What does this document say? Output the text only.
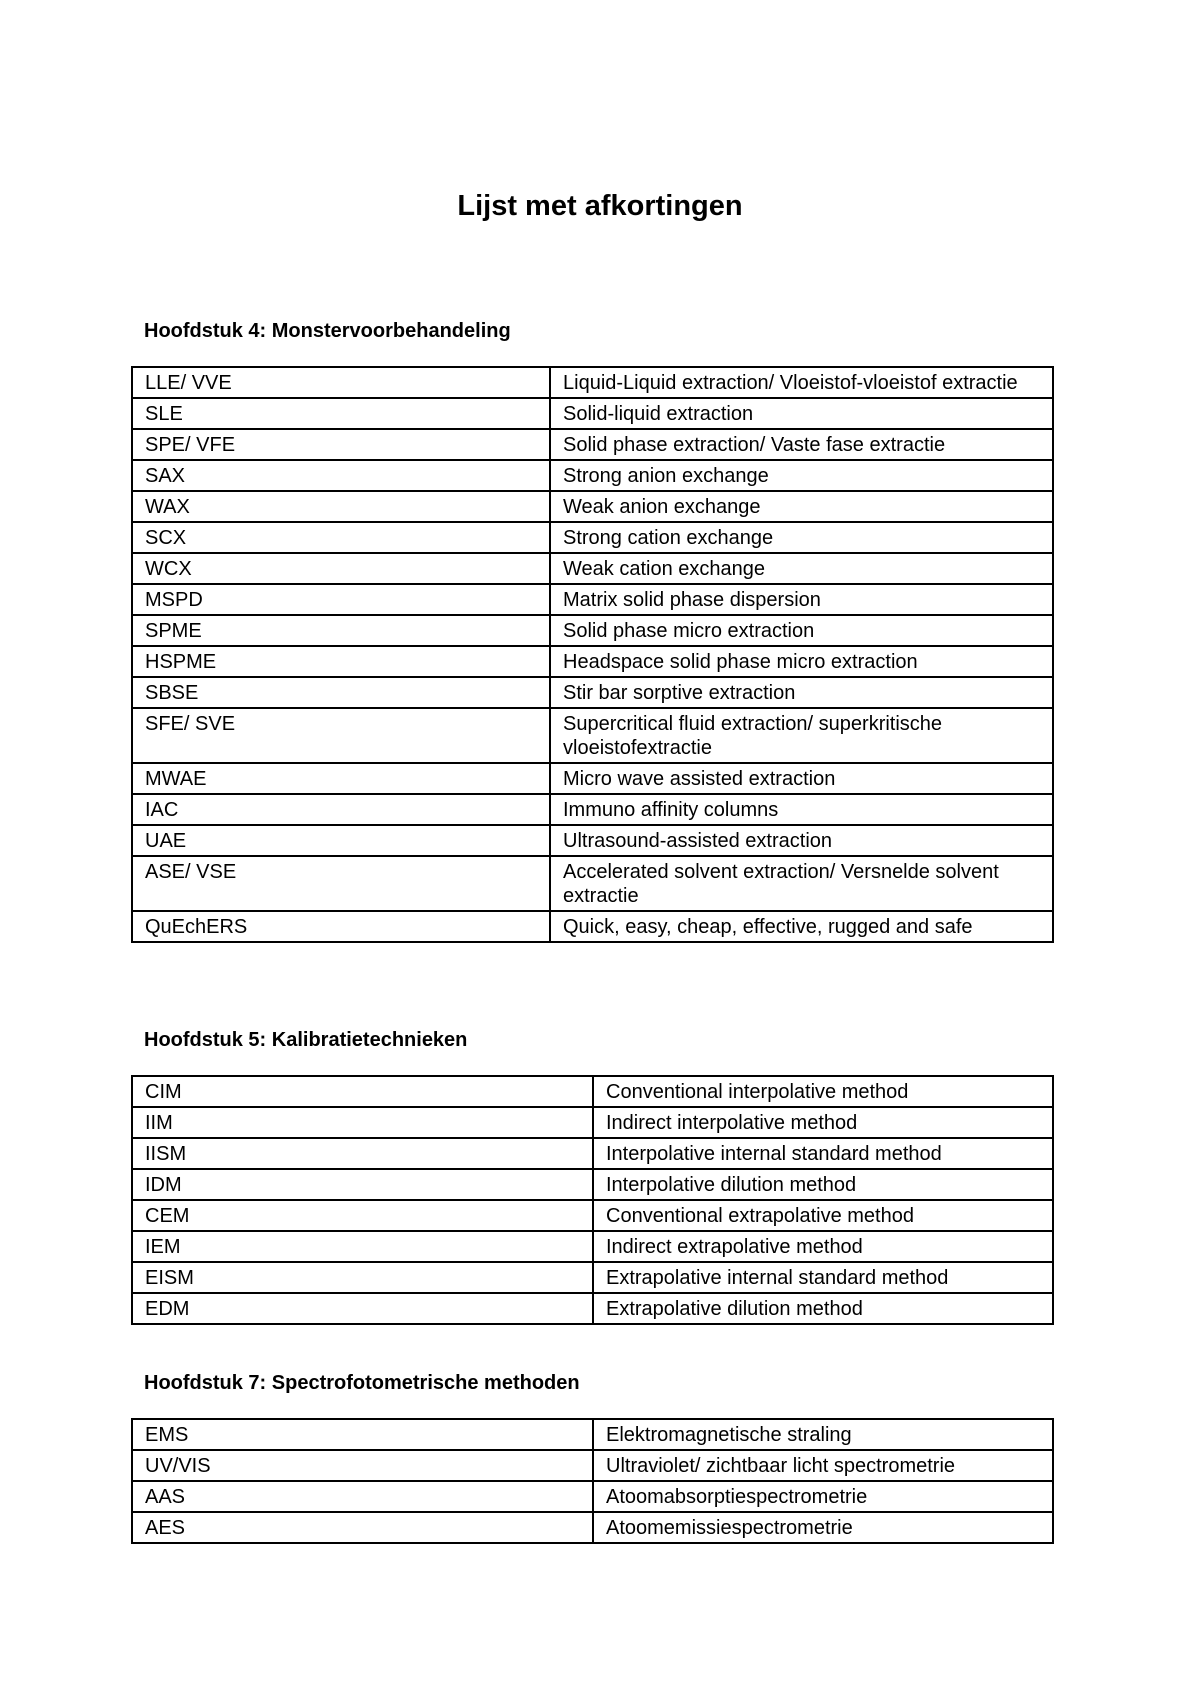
Lijst met afkortingen
Hoofdstuk 4: Monstervoorbehandeling
LLE/ VVE	Liquid-Liquid extraction/ Vloeistof-vloeistof extractie
SLE	Solid-liquid extraction
SPE/ VFE	Solid phase extraction/ Vaste fase extractie
SAX	Strong anion exchange
WAX	Weak anion exchange
SCX	Strong cation exchange
WCX	Weak cation exchange
MSPD	Matrix solid phase dispersion
SPME	Solid phase micro extraction
HSPME	Headspace solid phase micro extraction
SBSE	Stir bar sorptive extraction
SFE/ SVE	Supercritical fluid extraction/ superkritische vloeistofextractie
MWAE	Micro wave assisted extraction
IAC	Immuno affinity columns
UAE	Ultrasound-assisted extraction
ASE/ VSE	Accelerated solvent extraction/ Versnelde solvent extractie
QuEchERS	Quick, easy, cheap, effective, rugged and safe
Hoofdstuk 5: Kalibratietechnieken
CIM	Conventional interpolative method
IIM	Indirect interpolative method
IISM	Interpolative internal standard method
IDM	Interpolative dilution method
CEM	Conventional extrapolative method
IEM	Indirect extrapolative method
EISM	Extrapolative internal standard method
EDM	Extrapolative dilution method
Hoofdstuk 7: Spectrofotometrische methoden
EMS	Elektromagnetische straling
UV/VIS	Ultraviolet/ zichtbaar licht spectrometrie
AAS	Atoomabsorptiespectrometrie
AES	Atoomemissiespectrometrie
